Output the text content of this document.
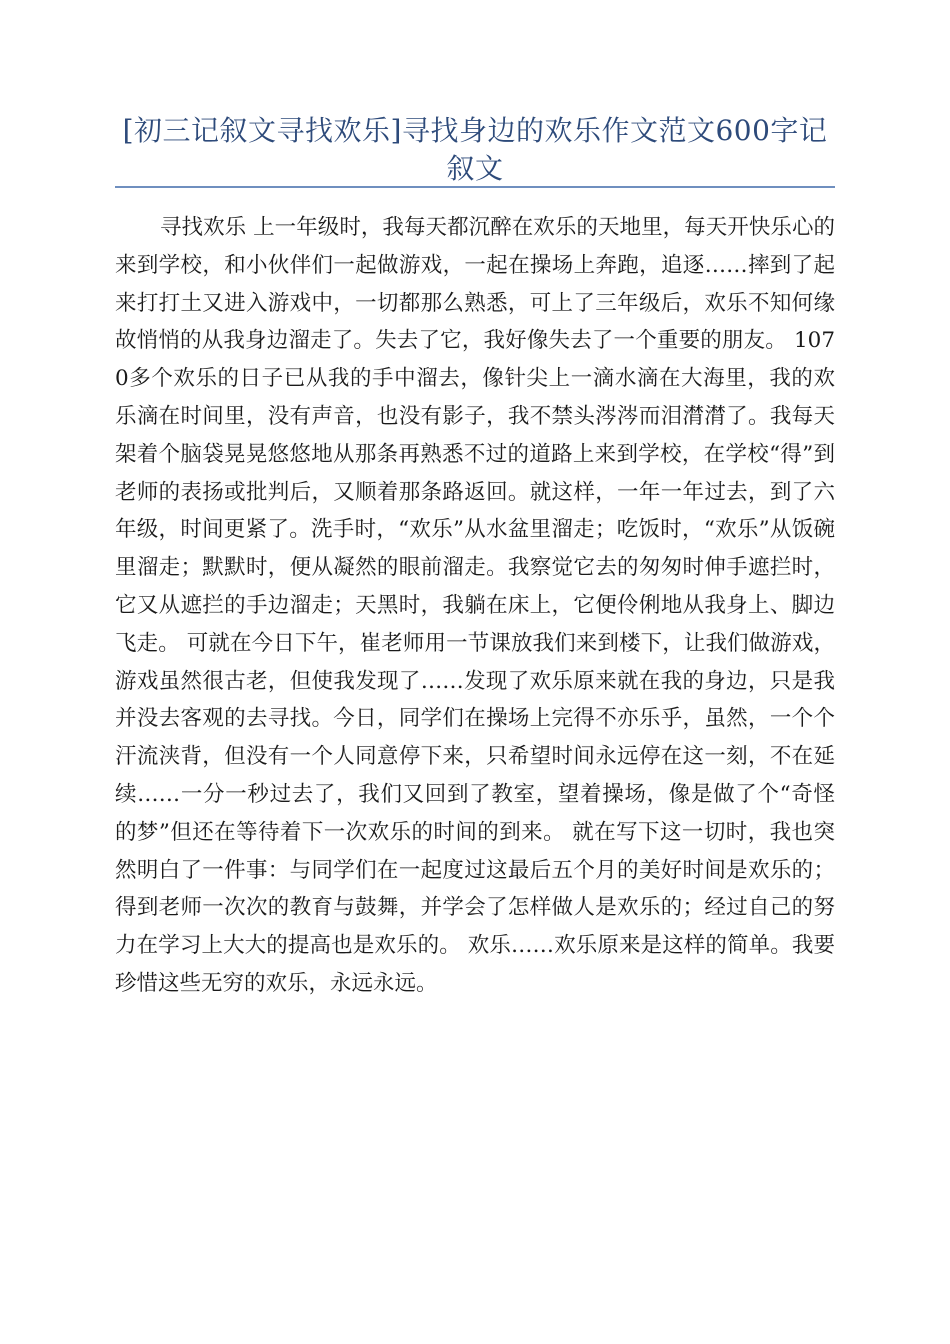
[初三记叙文寻找欢乐]寻找身边的欢乐作文范文600字记叙文

寻找欢乐 上一年级时，我每天都沉醉在欢乐的天地里，每天开快乐心的来到学校，和小伙伴们一起做游戏，一起在操场上奔跑，追逐……摔到了起来打打土又进入游戏中，一切都那么熟悉，可上了三年级后，欢乐不知何缘故悄悄的从我身边溜走了。失去了它，我好像失去了一个重要的朋友。 1070多个欢乐的日子已从我的手中溜去，像针尖上一滴水滴在大海里，我的欢乐滴在时间里，没有声音，也没有影子，我不禁头涔涔而泪潸潸了。我每天架着个脑袋晃晃悠悠地从那条再熟悉不过的道路上来到学校，在学校“得”到老师的表扬或批判后，又顺着那条路返回。就这样，一年一年过去，到了六年级，时间更紧了。洗手时，“欢乐”从水盆里溜走；吃饭时，“欢乐”从饭碗里溜走；默默时，便从凝然的眼前溜走。我察觉它去的匆匆时伸手遮拦时，它又从遮拦的手边溜走；天黑时，我躺在床上，它便伶俐地从我身上、脚边飞走。 可就在今日下午，崔老师用一节课放我们来到楼下，让我们做游戏，游戏虽然很古老，但使我发现了……发现了欢乐原来就在我的身边，只是我并没去客观的去寻找。今日，同学们在操场上完得不亦乐乎，虽然，一个个汗流浃背，但没有一个人同意停下来，只希望时间永远停在这一刻，不在延续……一分一秒过去了，我们又回到了教室，望着操场，像是做了个“奇怪的梦”但还在等待着下一次欢乐的时间的到来。 就在写下这一切时，我也突然明白了一件事：与同学们在一起度过这最后五个月的美好时间是欢乐的；得到老师一次次的教育与鼓舞，并学会了怎样做人是欢乐的；经过自己的努力在学习上大大的提高也是欢乐的。 欢乐……欢乐原来是这样的简单。我要珍惜这些无穷的欢乐，永远永远。
